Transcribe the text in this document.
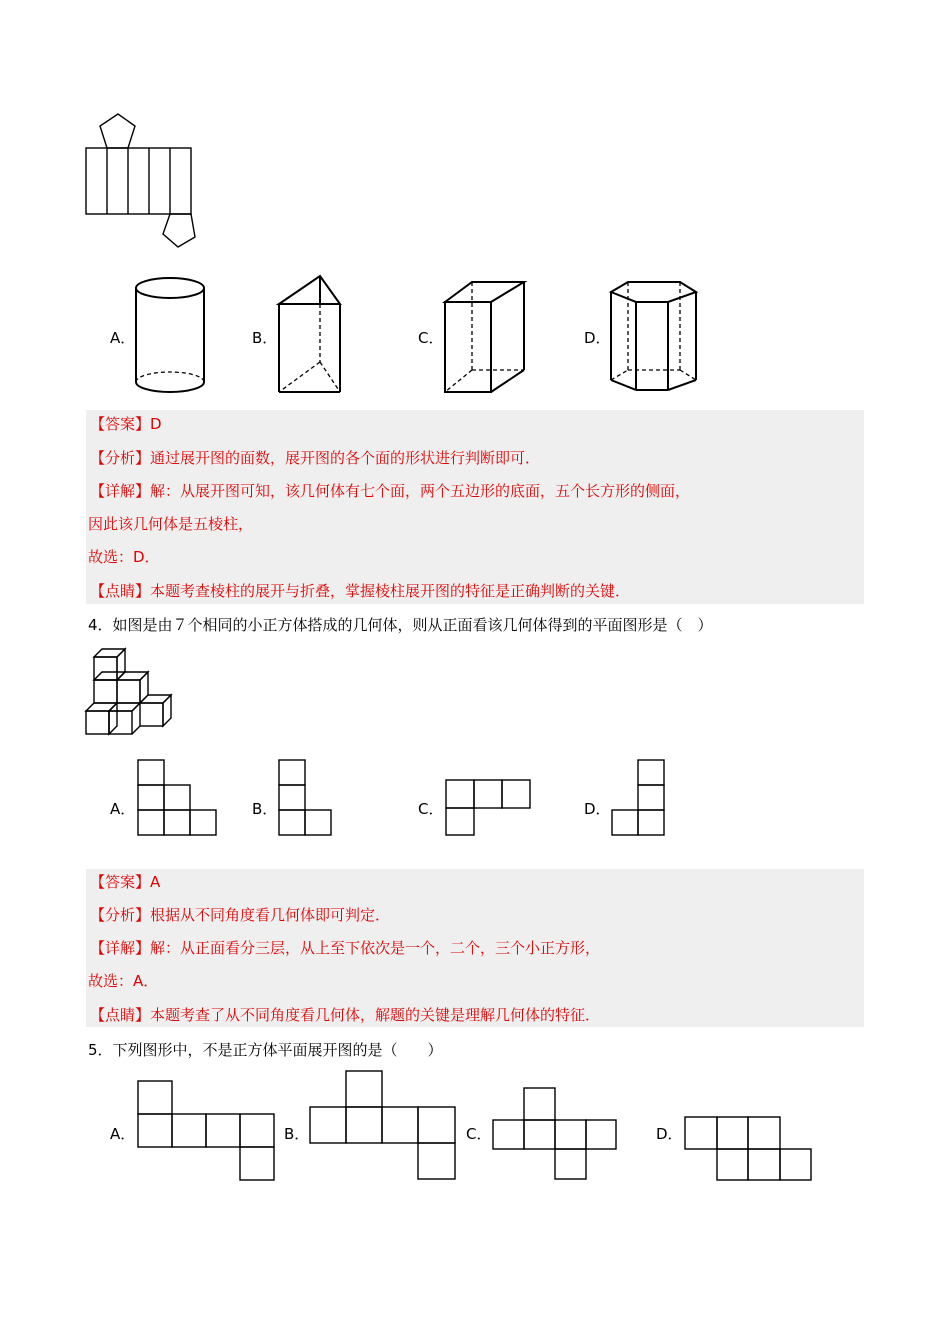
A．	B．	C．	D．
【答案】D
【分析】通过展开图的面数，展开图的各个面的形状进行判断即可．
【详解】解：从展开图可知，该几何体有七个面，两个五边形的底面，五个长方形的侧面，
因此该几何体是五棱柱，
故选：D．
【点睛】本题考查棱柱的展开与折叠，掌握棱柱展开图的特征是正确判断的关键．
4．如图是由７个相同的小正方体搭成的几何体，则从正面看该几何体得到的平面图形是（　）
A．	B．	C．	D．
【答案】A
【分析】根据从不同角度看几何体即可判定．
【详解】解：从正面看分三层，从上至下依次是一个，二个，三个小正方形，
故选：A．
【点睛】本题考查了从不同角度看几何体，解题的关键是理解几何体的特征．
5．下列图形中，不是正方体平面展开图的是（　　）
A．	B．	C．	D．
